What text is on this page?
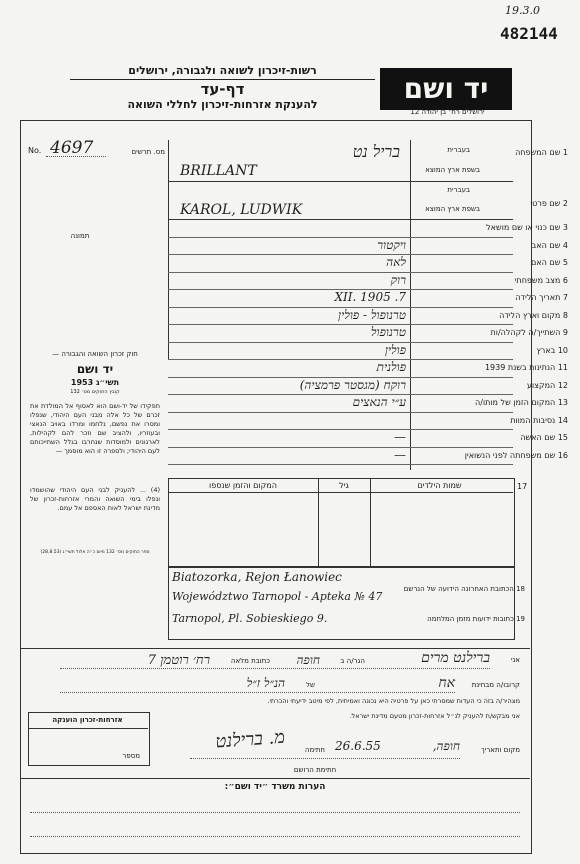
19.3.0
482144
יד ושם
ירושלים רח׳ בן יהודה 12
רשות-זיכרון לשואה ולגבורה, ירושלים
דף-עד
להענקת אזרחות-זיכרון לחללי השואה
No. 4697	מס. תרשים
תמונה
1 שם המשפחה
בעברית
בשפת ארץ המוצא
בריל נט
BRILLANT
2 שם פרטי
בעברית
בשפת ארץ המוצא
KAROL, LUDWIK
3 שם כנוי או שם מושאל
4 שם האב
ויקטור
5 שם האם
לאה
6 מצב משפחתי
רוק
7 תאריך הלידה
7. XII. 1905
8 מקום וארץ הלידה
טרנופול - פולין
9 השתייך/ה לקהלה/ות
טרנופול
10 בארץ
פולין
11 הנתינות בשנת 1939
פולנית
12 המקצוע
רוקח (מגסטר פרמציה)
13 המקום הזמן של מותו/ה
ע״י הנאצים
14 נסיבות המוות
15 שם האשה
—
16 שם משפחתה לפני הנשואין
—
חוק זכרון השואה והגבורה —
יד ושם
תשי״ג 1953
קובץ החוקים מס׳ 132
תפקידו של יד-ושם הוא לאסוף אל המולדת את זכרם של כל אלה מבני העם היהודי, שנפלו ומסרו את נפשם, נלחמו ומרדו באויב הנאצי ובעוזריו, ולהציב שם וזכר להם לקהילות, לארגונים ולמוסדות שנחרבו בגלל השתייכותם לעם היהודי; ולספרה זו הוא מוסמך —
(4) ... להעניק לבני העם היהודי שהושמדו ונפלו בימי השואה והמרי אזרחות-זכרון של מדינת ישראל לאות האספם אל עמם.
ספר החוקים מס׳ 132 מיום כ״ה אלול תשי״ג (28.8.53)
שמות הילדים
גיל
המקום והזמן שנספו	17
Biatozorka, Rejon Łanowiec
Województwo Tarnopol - Apteka № 47
Tarnopol, Pl. Sobieskiego 9.
18 הכתובת האחרונה הידועה של הנרשם
19 כתובות ידועות מזמן המלחמה
אני
ברילנט מרים
הגר/ה ב
חופה
כתובת מלאה
רח׳ רוטמן 7
קרובו/ה מבחינת
אח
של
הנ״ל ז״ל
מצהיר/ה בזה כי העדות שמסרתי כאן על פרטיה היא נכונה ואמיתית, לפי מיטב ידיעתי והכרתי.
אני מבקש/ת להעניק לנ״ל אזרחות-זכרון מטעם מדינת ישראל.
מקום ותאריך
חופה,
26.6.55
חתימה
מ. ברילנט
חתימת הרושם
אזרחות-זכרון הוענקה
מספר
הערות משרד ״יד ושם״:
